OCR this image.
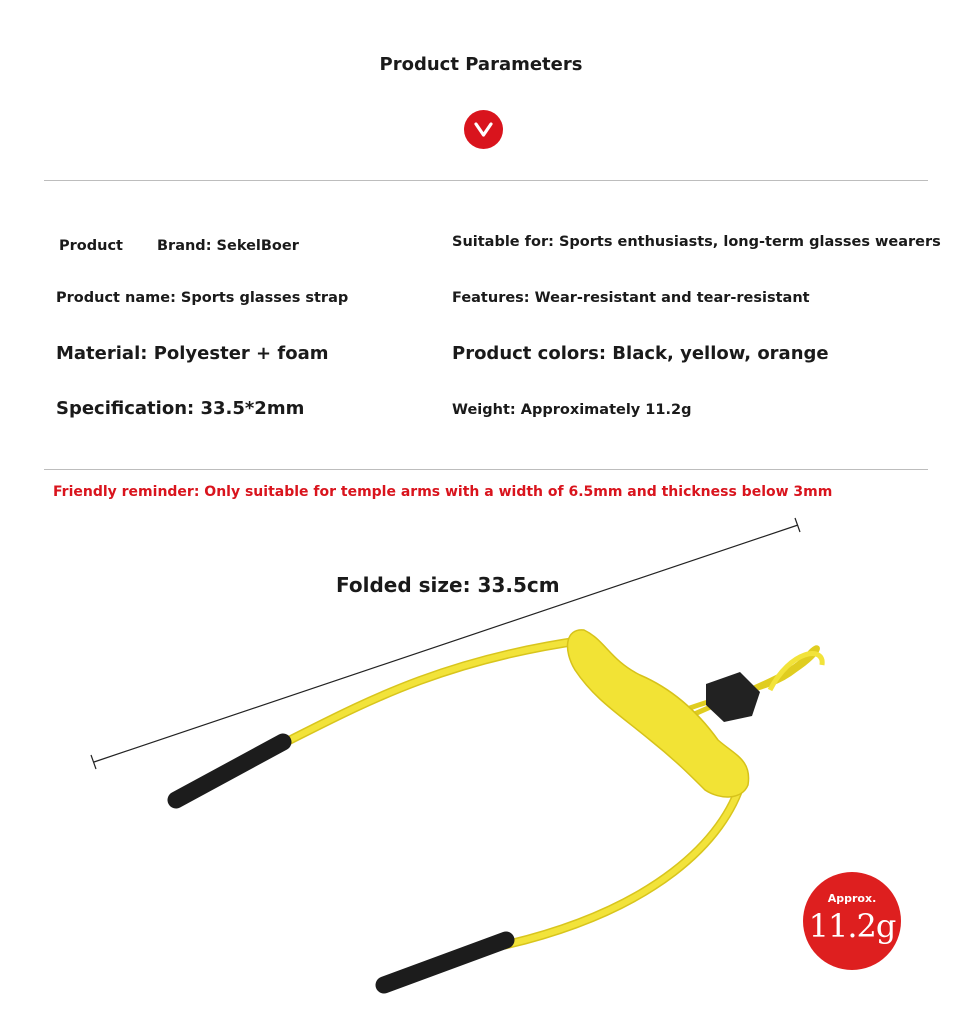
Product Parameters
Product Brand: SekelBoer
Product name: Sports glasses strap
Material: Polyester + foam
Specification: 33.5*2mm
Suitable for: Sports enthusiasts, long-term glasses wearers
Features: Wear-resistant and tear-resistant
Product colors: Black, yellow, orange
Weight: Approximately 11.2g
Friendly reminder: Only suitable for temple arms with a width of 6.5mm and thickness below 3mm
Folded size: 33.5cm
Approx.
11.2g
